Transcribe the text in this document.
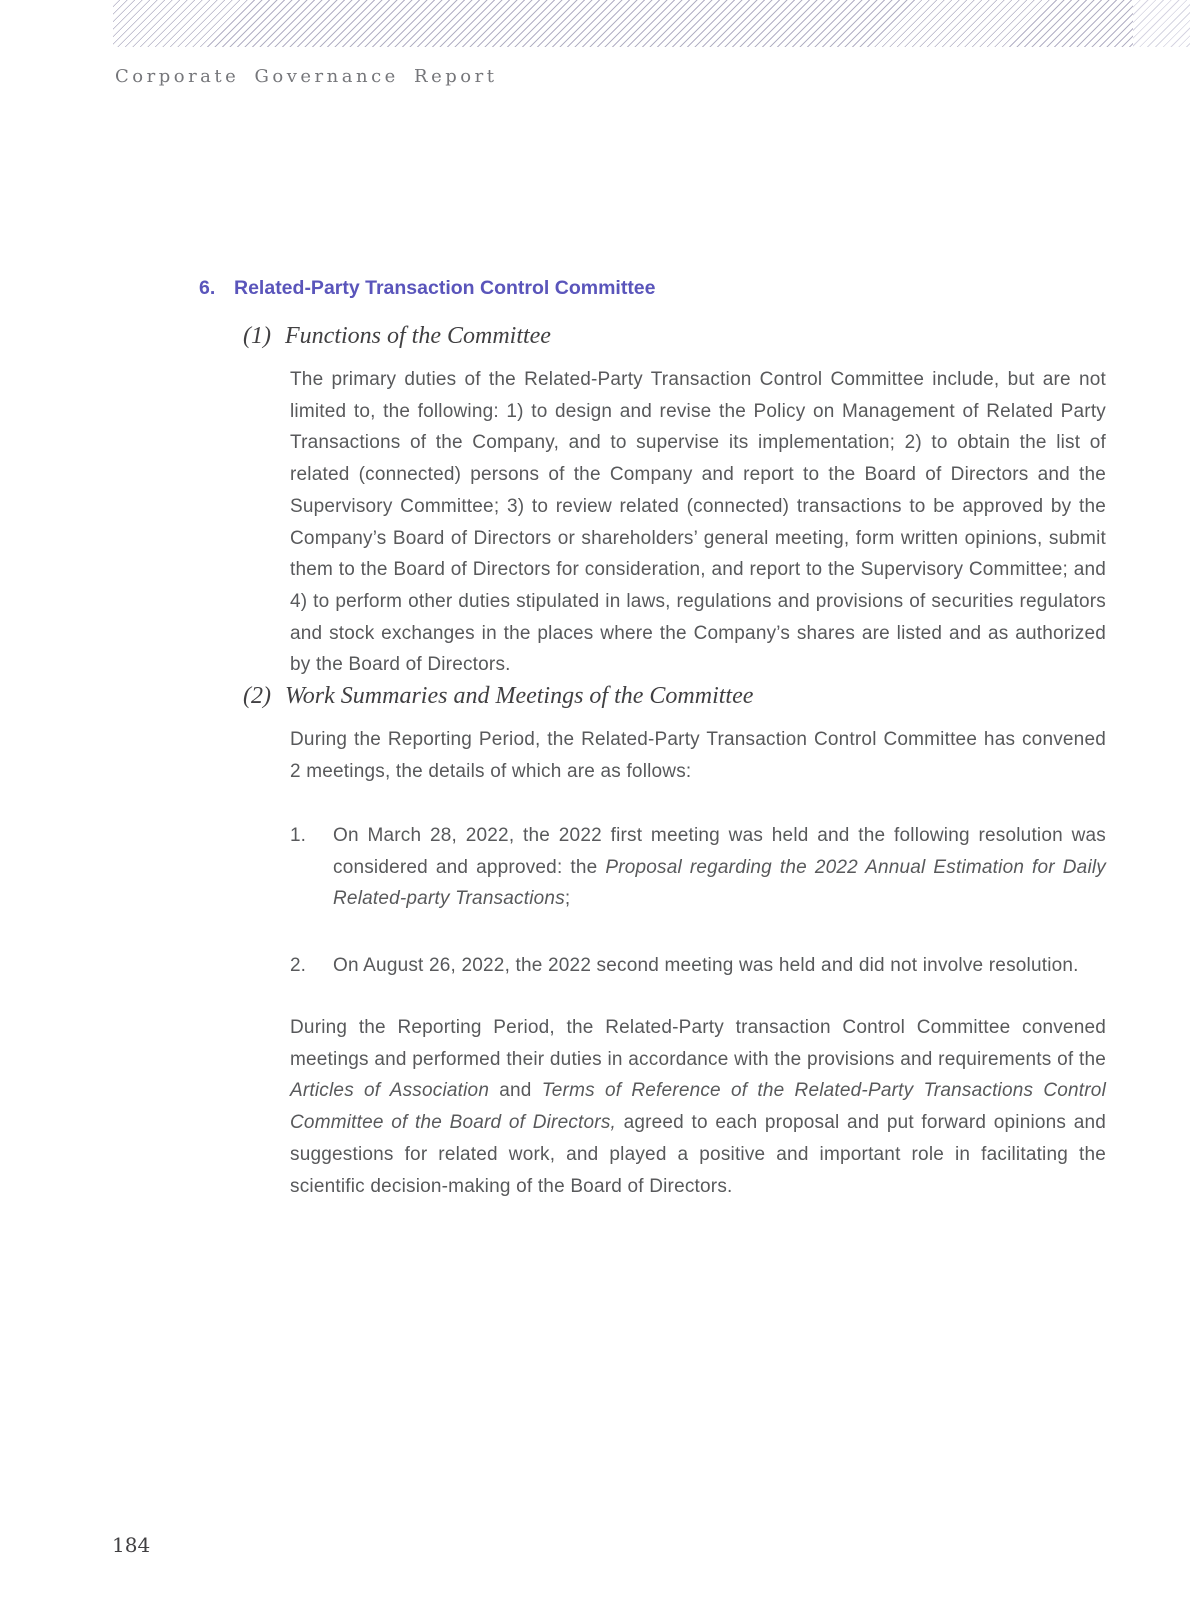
Corporate Governance Report
6. Related-Party Transaction Control Committee
(1) Functions of the Committee
The primary duties of the Related-Party Transaction Control Committee include, but are not limited to, the following: 1) to design and revise the Policy on Management of Related Party Transactions of the Company, and to supervise its implementation; 2) to obtain the list of related (connected) persons of the Company and report to the Board of Directors and the Supervisory Committee; 3) to review related (connected) transactions to be approved by the Company’s Board of Directors or shareholders’ general meeting, form written opinions, submit them to the Board of Directors for consideration, and report to the Supervisory Committee; and 4) to perform other duties stipulated in laws, regulations and provisions of securities regulators and stock exchanges in the places where the Company’s shares are listed and as authorized by the Board of Directors.
(2) Work Summaries and Meetings of the Committee
During the Reporting Period, the Related-Party Transaction Control Committee has convened 2 meetings, the details of which are as follows:
1. On March 28, 2022, the 2022 first meeting was held and the following resolution was considered and approved: the Proposal regarding the 2022 Annual Estimation for Daily Related-party Transactions;
2. On August 26, 2022, the 2022 second meeting was held and did not involve resolution.
During the Reporting Period, the Related-Party transaction Control Committee convened meetings and performed their duties in accordance with the provisions and requirements of the Articles of Association and Terms of Reference of the Related-Party Transactions Control Committee of the Board of Directors, agreed to each proposal and put forward opinions and suggestions for related work, and played a positive and important role in facilitating the scientific decision-making of the Board of Directors.
184
